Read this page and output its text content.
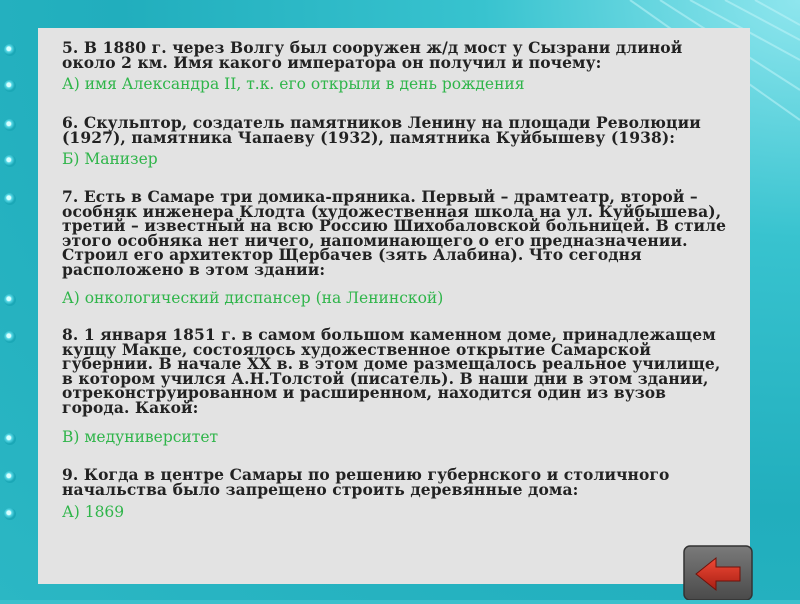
5. В 1880 г. через Волгу был сооружен ж/д мост у Сызрани длиной около 2 км. Имя какого императора он получил и почему:
А) имя Александра II, т.к. его открыли в день рождения
6. Скульптор, создатель памятников Ленину на площади Революции (1927), памятника Чапаеву (1932), памятника Куйбышеву (1938):
Б) Манизер
7. Есть в Самаре три домика-пряника. Первый – драмтеатр, второй – особняк инженера Клодта (художественная школа на ул. Куйбышева), третий – известный на всю Россию Шихобаловской больницей. В стиле этого особняка нет ничего, напоминающего о его предназначении. Строил его архитектор Щербачев (зять Алабина). Что сегодня расположено в этом здании:
А) онкологический диспансер (на Ленинской)
8. 1 января 1851 г. в самом большом каменном доме, принадлежащем купцу Макпе, состоялось художественное открытие Самарской губернии. В начале XX в. в этом доме размещалось реальное училище, в котором учился А.Н.Толстой (писатель). В наши дни в этом здании, отреконструированном и расширенном, находится один из вузов города. Какой:
В) медуниверситет
9. Когда в центре Самары по решению губернского и столичного начальства было запрещено строить деревянные дома:
А) 1869
